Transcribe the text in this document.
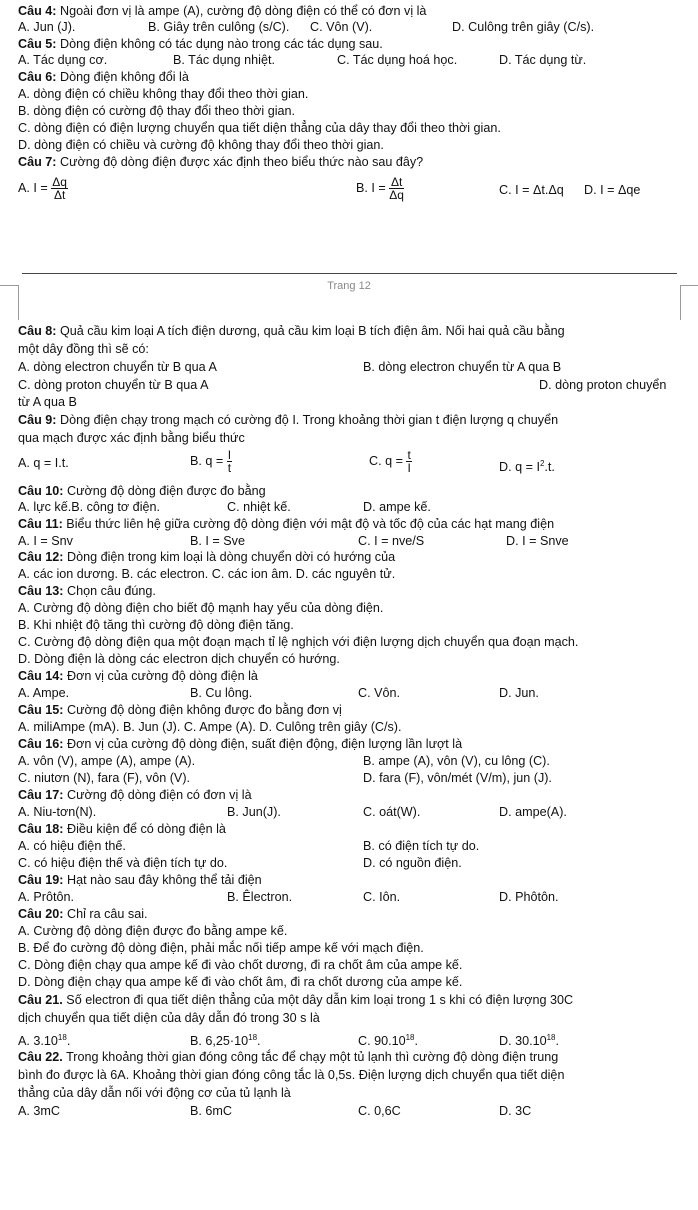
Câu 4: Ngoài đơn vị là ampe (A), cường độ dòng điện có thể có đơn vị là
A. Jun (J).	B. Giây trên culông (s/C). C. Vôn (V).	D. Culông trên giây (C/s).
Câu 5: Dòng điện không có tác dụng nào trong các tác dụng sau.
A. Tác dụng cơ.	B. Tác dụng nhiệt.	C. Tác dụng hoá học.	D. Tác dụng từ.
Câu 6: Dòng điện không đổi là
A. dòng điện có chiều không thay đổi theo thời gian.
B. dòng điện có cường độ thay đổi theo thời gian.
C. dòng điện có điện lượng chuyển qua tiết diện thẳng của dây thay đổi theo thời gian.
D. dòng điện có chiều và cường độ không thay đổi theo thời gian.
Câu 7: Cường độ dòng điện được xác định theo biểu thức nào sau đây?
A. $I = \frac{\Delta q}{\Delta t}$	B. $I = \frac{\Delta t}{\Delta q}$	C. I = Δt.Δq D. I = Δqe
Trang 12
Câu 8: Quả cầu kim loại A tích điện dương, quả cầu kim loại B tích điện âm. Nối hai quả cầu bằng
một dây đồng thì sẽ có:
A. dòng electron chuyển từ B qua A	B. dòng electron chuyển từ A qua B
C. dòng proton chuyển từ B qua A	D. dòng proton chuyển
từ A qua B
Câu 9: Dòng điện chạy trong mạch có cường độ I. Trong khoảng thời gian t điện lượng q chuyển
qua mạch được xác định bằng biểu thức
A. q = I.t.	B. $q = \frac{I}{t}$	C. $q = \frac{t}{I}$	D. $q = I^2.t$.
Câu 10: Cường độ dòng điện được đo bằng
A. lực kế.B. công tơ điện.	C. nhiệt kế.	D. ampe kế.
Câu 11: Biểu thức liên hệ giữa cường độ dòng điện với mật độ và tốc độ của các hạt mang điện
A. I = Snv	B. I = Sve	C. I = nve/S	D. I = Snve
Câu 12: Dòng điện trong kim loại là dòng chuyển dời có hướng của
A. các ion dương. B. các electron. C. các ion âm. D. các nguyên tử.
Câu 13: Chọn câu đúng.
A. Cường độ dòng điện cho biết độ mạnh hay yếu của dòng điện.
B. Khi nhiệt độ tăng thì cường độ dòng điện tăng.
C. Cường độ dòng điện qua một đoạn mạch tỉ lệ nghịch với điện lượng dịch chuyển qua đoạn mạch.
D. Dòng điện là dòng các electron dịch chuyển có hướng.
Câu 14: Đơn vị của cường độ dòng điện là
A. Ampe.	B. Cu lông.	C. Vôn.	D. Jun.
Câu 15: Cường độ dòng điện không được đo bằng đơn vị
A. miliAmpe (mA). B. Jun (J). C. Ampe (A). D. Culông trên giây (C/s).
Câu 16: Đơn vị của cường độ dòng điện, suất điện động, điện lượng lần lượt là
A. vôn (V), ampe (A), ampe (A).	B. ampe (A), vôn (V), cu lông (C).
C. niutơn (N), fara (F), vôn (V).	D. fara (F), vôn/mét (V/m), jun (J).
Câu 17: Cường độ dòng điện có đơn vị là
A. Niu-tơn(N).	B. Jun(J).	C. oát(W).	D. ampe(A).
Câu 18: Điều kiện để có dòng điện là
A. có hiệu điện thế.	B. có điện tích tự do.
C. có hiệu điện thế và điện tích tự do.	D. có nguồn điện.
Câu 19: Hạt nào sau đây không thể tải điện
A. Prôtôn.	B. Êlectron.	C. Iôn.	D. Phôtôn.
Câu 20: Chỉ ra câu sai.
A. Cường độ dòng điện được đo bằng ampe kế.
B. Để đo cường độ dòng điện, phải mắc nối tiếp ampe kế với mạch điện.
C. Dòng điện chạy qua ampe kế đi vào chốt dương, đi ra chốt âm của ampe kế.
D. Dòng điện chạy qua ampe kế đi vào chốt âm, đi ra chốt dương của ampe kế.
Câu 21. Số electron đi qua tiết diện thẳng của một dây dẫn kim loại trong 1 s khi có điện lượng 30C
dịch chuyển qua tiết diện của dây dẫn đó trong 30 s là
A. 3.10$^{18}$.	B. $6,25\cdot 10^{18}$.	C. 90.10$^{18}$.	D. 30.10$^{18}$.
Câu 22. Trong khoảng thời gian đóng công tắc để chạy một tủ lạnh thì cường độ dòng điện trung
bình đo được là 6A. Khoảng thời gian đóng công tắc là 0,5s. Điện lượng dịch chuyển qua tiết diện
thẳng của dây dẫn nối với động cơ của tủ lạnh là
A. 3mC	B. 6mC	C. 0,6C	D. 3C
